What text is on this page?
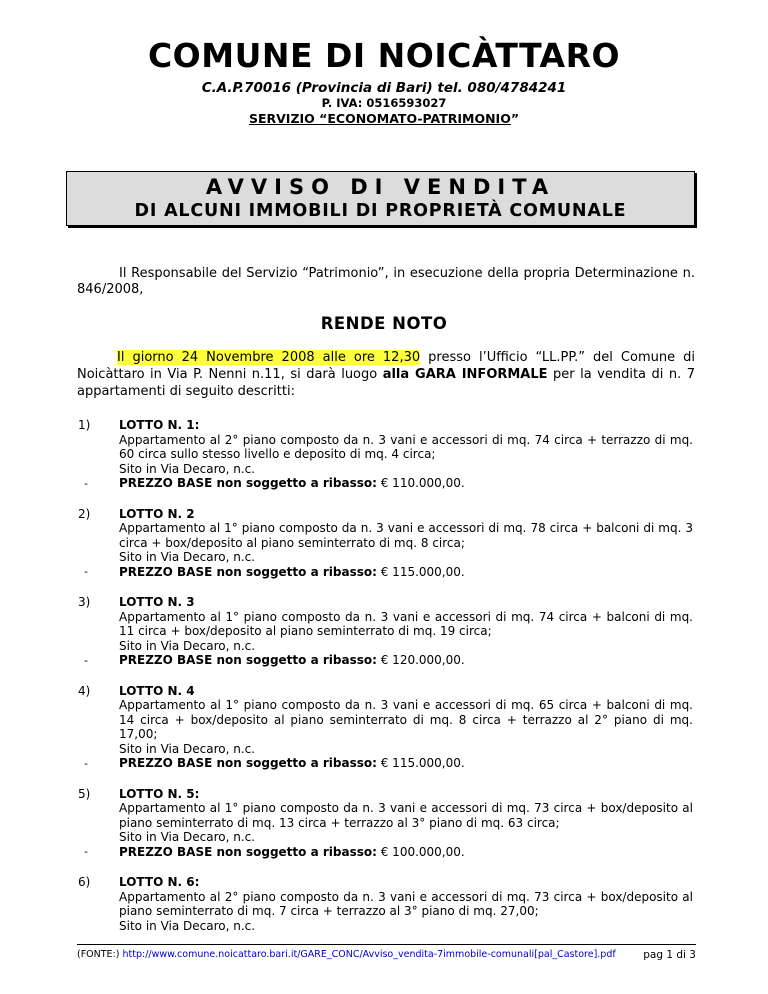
COMUNE DI NOICÀTTARO
C.A.P.70016 (Provincia di Bari) tel. 080/4784241
P. IVA: 0516593027
SERVIZIO “ECONOMATO-PATRIMONIO”
AVVISO DI VENDITA
DI ALCUNI IMMOBILI DI PROPRIETÀ COMUNALE
Il Responsabile del Servizio “Patrimonio”, in esecuzione della propria Determinazione n. 846/2008,
RENDE NOTO
Il giorno 24 Novembre 2008 alle ore 12,30 presso l’Ufficio “LL.PP.” del Comune di Noicàttaro in Via P. Nenni n.11, si darà luogo alla GARA INFORMALE per la vendita di n. 7 appartamenti di seguito descritti:
1)
-
LOTTO N. 1:
Appartamento al 2° piano composto da n. 3 vani e accessori di mq. 74 circa + terrazzo di mq. 60 circa sullo stesso livello e deposito di mq. 4 circa;
Sito in Via Decaro, n.c.
PREZZO BASE non soggetto a ribasso: € 110.000,00.
2)
-
LOTTO N. 2
Appartamento al 1° piano composto da n. 3 vani e accessori di mq. 78 circa + balconi di mq. 3 circa + box/deposito al piano seminterrato di mq. 8 circa;
Sito in Via Decaro, n.c.
PREZZO BASE non soggetto a ribasso: € 115.000,00.
3)
-
LOTTO N. 3
Appartamento al 1° piano composto da n. 3 vani e accessori di mq. 74 circa + balconi di mq. 11 circa + box/deposito al piano seminterrato di mq. 19 circa;
Sito in Via Decaro, n.c.
PREZZO BASE non soggetto a ribasso: € 120.000,00.
4)
-
LOTTO N. 4
Appartamento al 1° piano composto da n. 3 vani e accessori di mq. 65 circa + balconi di mq. 14 circa + box/deposito al piano seminterrato di mq. 8 circa + terrazzo al 2° piano di mq. 17,00;
Sito in Via Decaro, n.c.
PREZZO BASE non soggetto a ribasso: € 115.000,00.
5)
-
LOTTO N. 5:
Appartamento al 1° piano composto da n. 3 vani e accessori di mq. 73 circa + box/deposito al piano seminterrato di mq. 13 circa + terrazzo al 3° piano di mq. 63 circa;
Sito in Via Decaro, n.c.
PREZZO BASE non soggetto a ribasso: € 100.000,00.
6) LOTTO N. 6:
Appartamento al 2° piano composto da n. 3 vani e accessori di mq. 73 circa + box/deposito al piano seminterrato di mq. 7 circa + terrazzo al 3° piano di mq. 27,00;
Sito in Via Decaro, n.c.
(FONTE:) http://www.comune.noicattaro.bari.it/GARE_CONC/Avviso_vendita-7immobile-comunali[pal_Castore].pdf	pag 1 di 3
